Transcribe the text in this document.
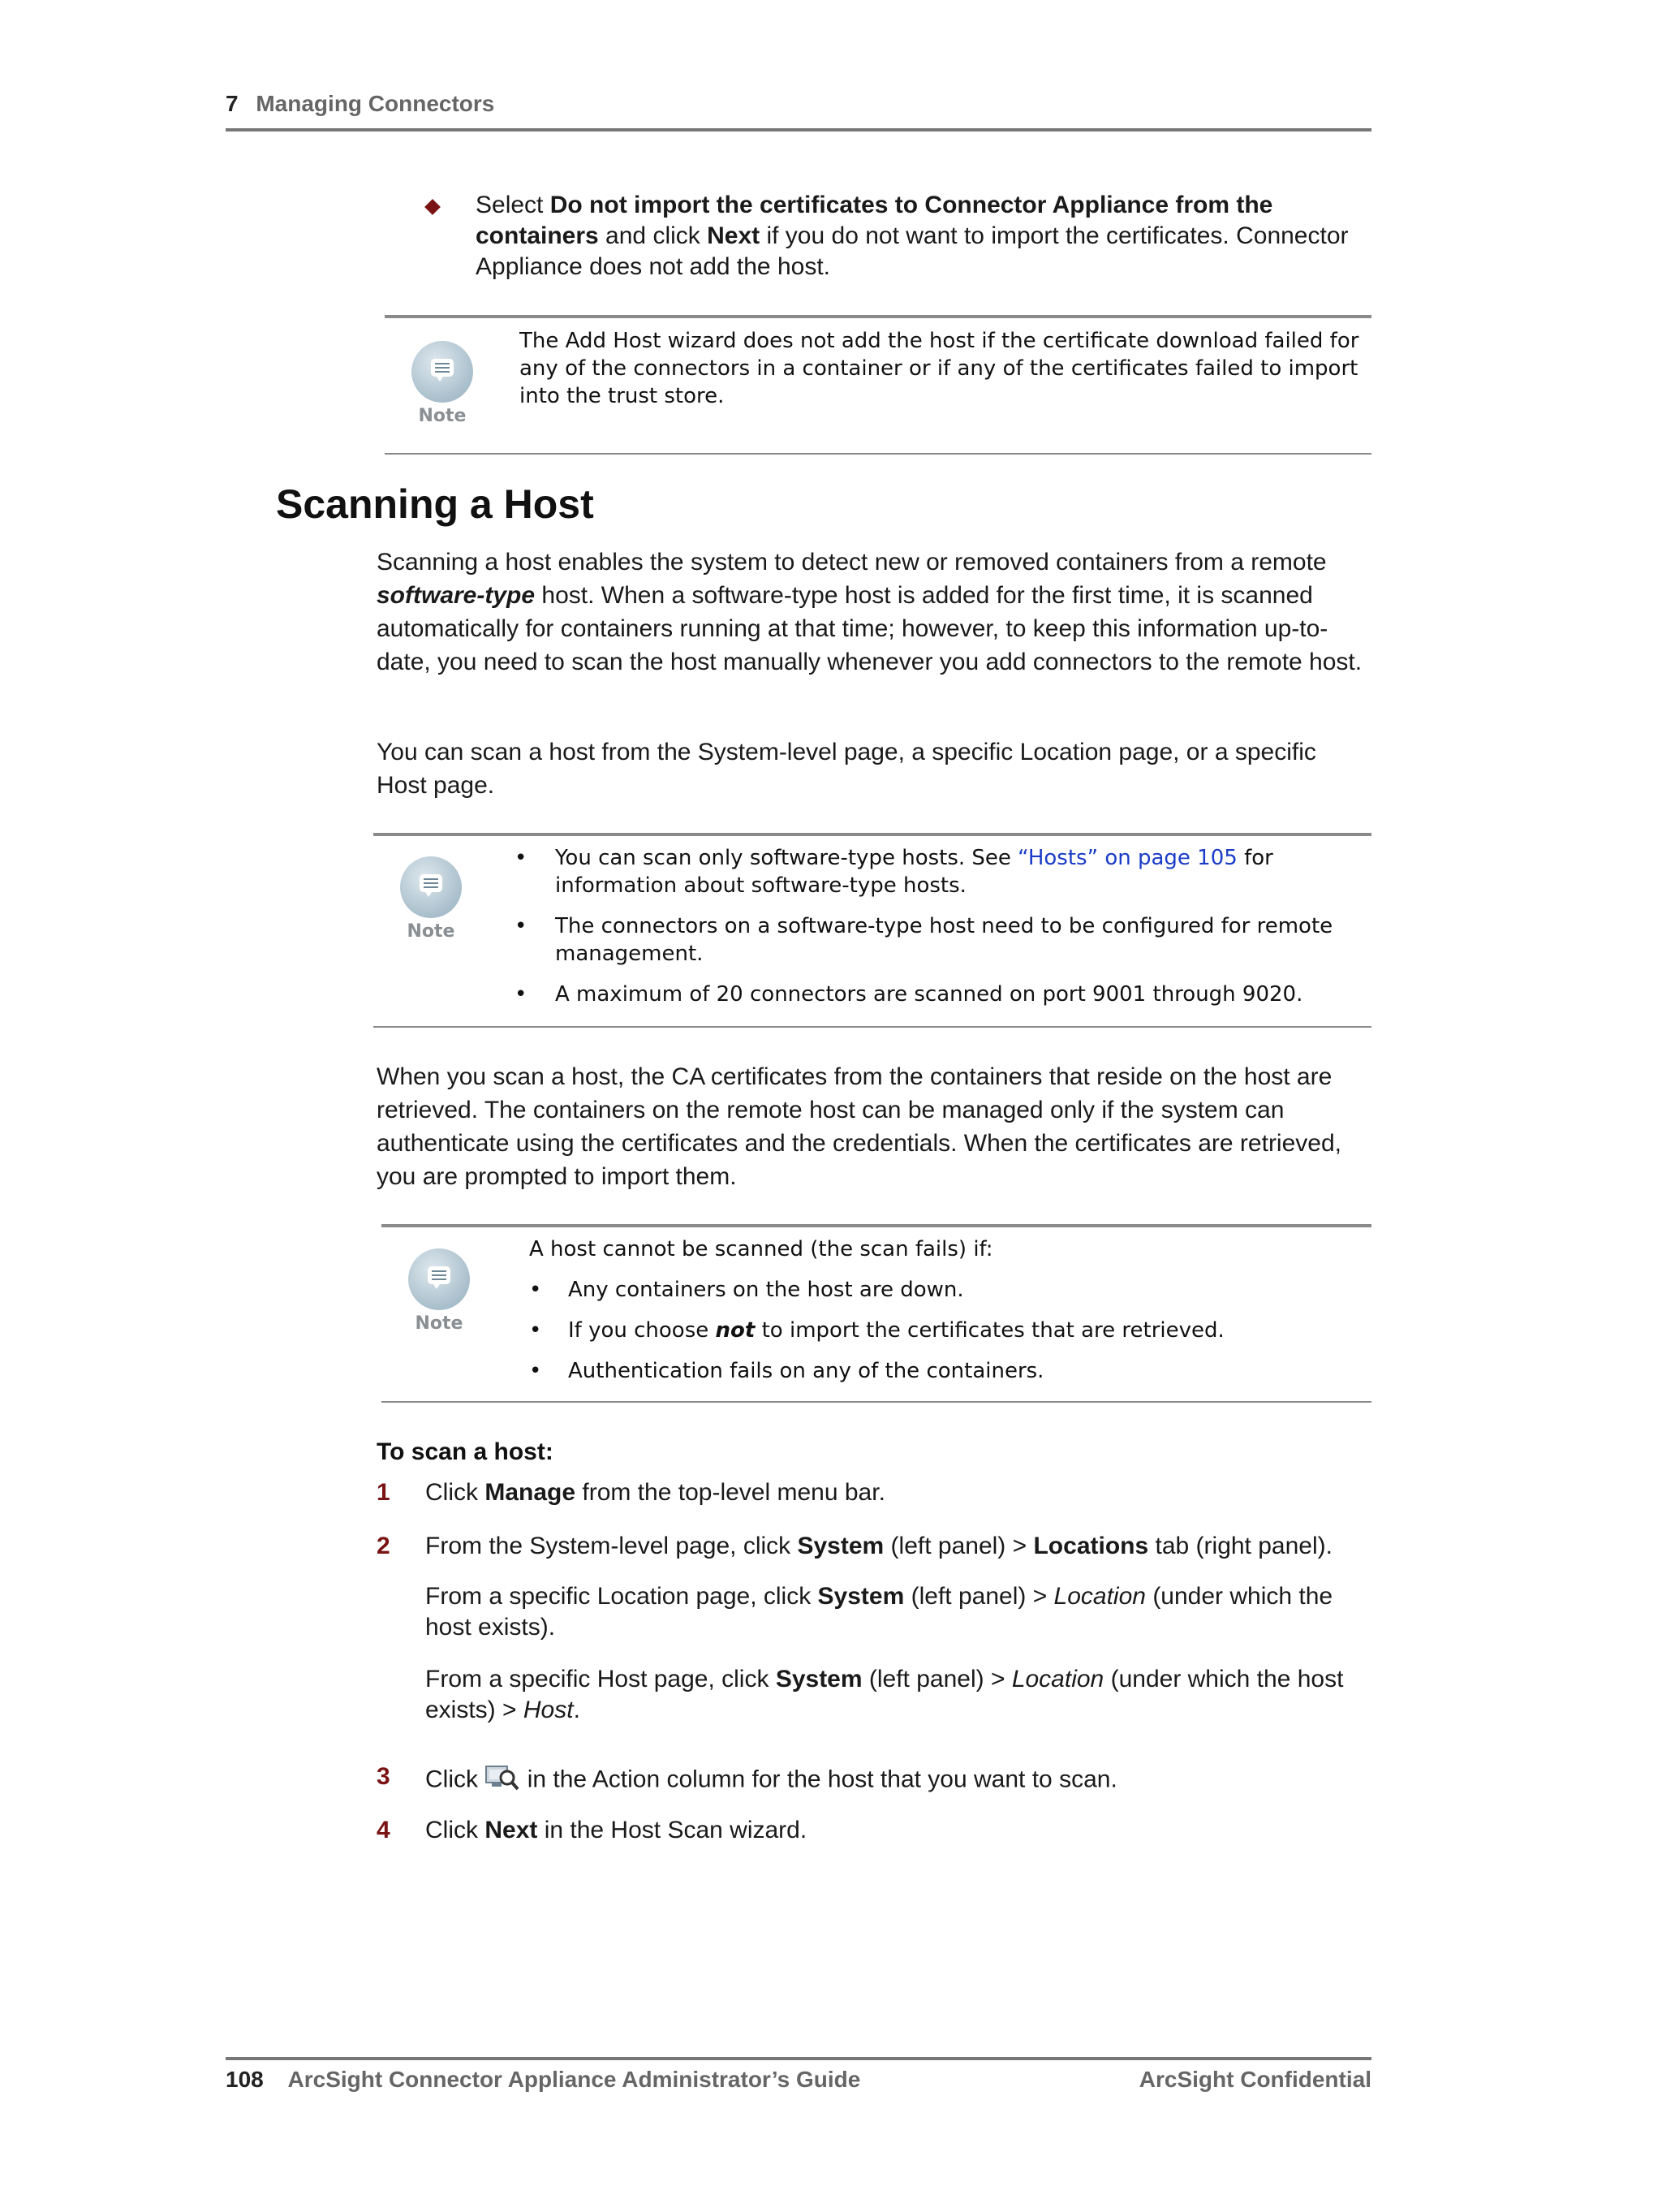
7 Managing Connectors
Select Do not import the certificates to Connector Appliance from the containers and click Next if you do not want to import the certificates. Connector Appliance does not add the host.
Note
The Add Host wizard does not add the host if the certificate download failed for any of the connectors in a container or if any of the certificates failed to import into the trust store.
Scanning a Host
Scanning a host enables the system to detect new or removed containers from a remote software-type host. When a software-type host is added for the first time, it is scanned automatically for containers running at that time; however, to keep this information up-to-date, you need to scan the host manually whenever you add connectors to the remote host.
You can scan a host from the System-level page, a specific Location page, or a specific Host page.
Note
• You can scan only software-type hosts. See “Hosts” on page 105 for information about software-type hosts.
• The connectors on a software-type host need to be configured for remote management.
• A maximum of 20 connectors are scanned on port 9001 through 9020.
When you scan a host, the CA certificates from the containers that reside on the host are retrieved. The containers on the remote host can be managed only if the system can authenticate using the certificates and the credentials. When the certificates are retrieved, you are prompted to import them.
Note
A host cannot be scanned (the scan fails) if:
• Any containers on the host are down.
• If you choose not to import the certificates that are retrieved.
• Authentication fails on any of the containers.
To scan a host:
1 Click Manage from the top-level menu bar.
2 From the System-level page, click System (left panel) > Locations tab (right panel).
From a specific Location page, click System (left panel) > Location (under which the host exists).
From a specific Host page, click System (left panel) > Location (under which the host exists) > Host.
3 Click  in the Action column for the host that you want to scan.
4 Click Next in the Host Scan wizard.
108 ArcSight Connector Appliance Administrator’s Guide	ArcSight Confidential
